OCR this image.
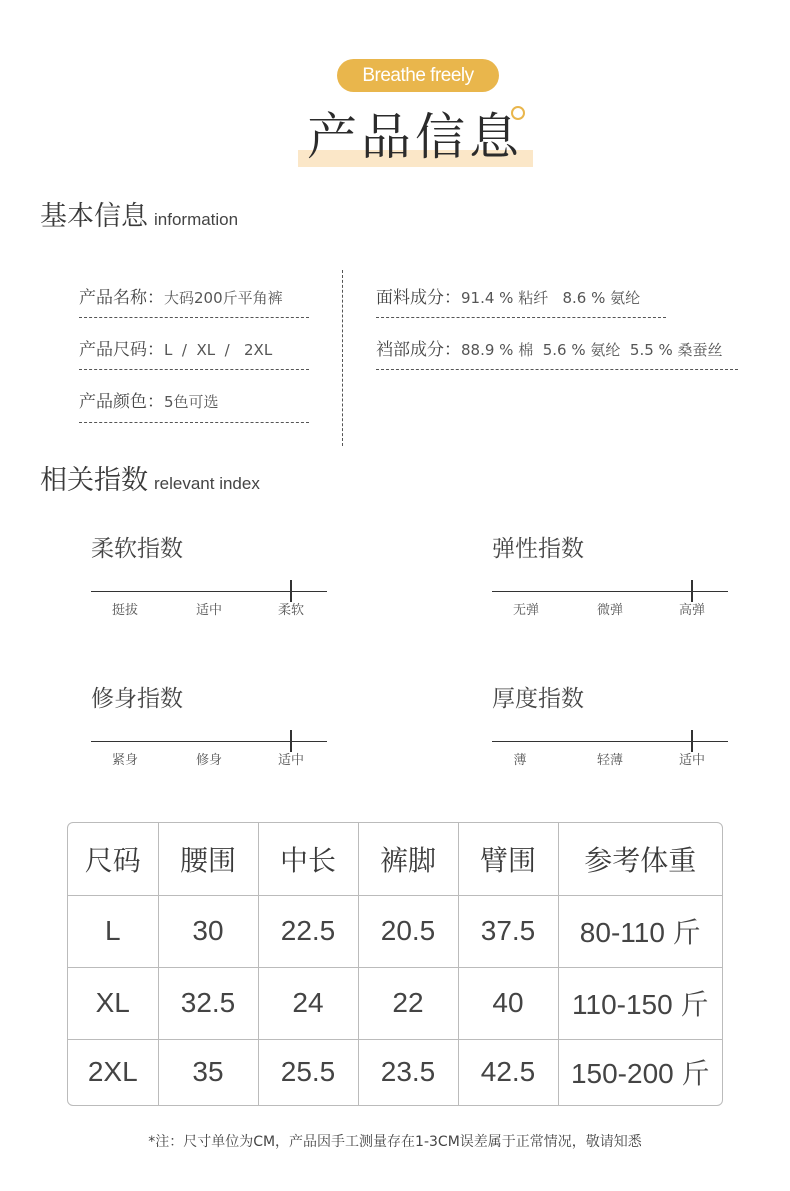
Breathe freely
产品信息
基本信息 information
产品名称：大码200斤平角裤
产品尺码：L  /  XL  /   2XL
产品颜色：5色可选
面料成分：91.4 % 粘纤   8.6 % 氨纶
裆部成分：88.9 % 棉  5.6 % 氨纶  5.5 % 桑蚕丝
相关指数 relevant index
柔软指数
挺拔	适中	柔软
弹性指数
无弹	微弹	高弹
修身指数
紧身	修身	适中
厚度指数
薄	轻薄	适中
尺码	腰围	中长	裤脚	臂围	参考体重
L	30	22.5	20.5	37.5	80-110 斤
XL	32.5	24	22	40	110-150 斤
2XL	35	25.5	23.5	42.5	150-200 斤
*注：尺寸单位为CM，产品因手工测量存在1-3CM误差属于正常情况，敬请知悉
